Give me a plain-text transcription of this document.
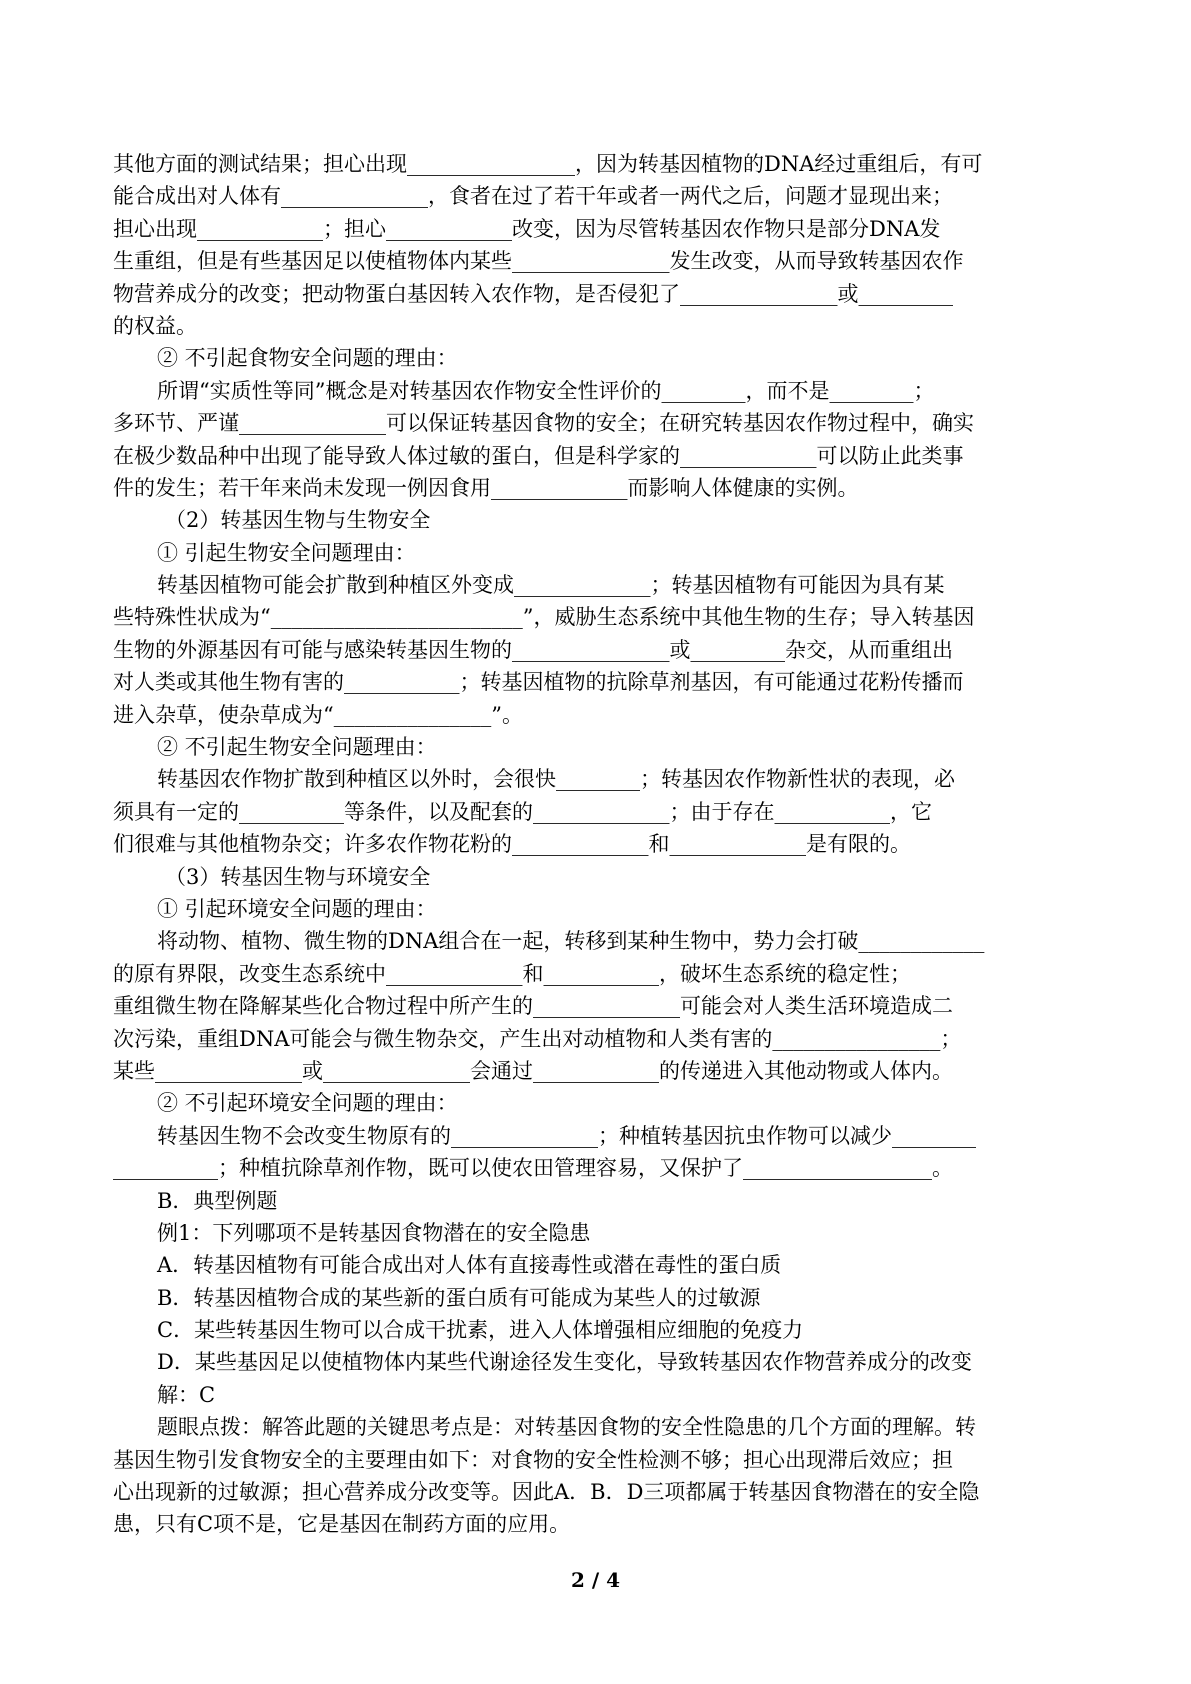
其他方面的测试结果；担心出现________________，因为转基因植物的DNA经过重组后，有可
能合成出对人体有______________，食者在过了若干年或者一两代之后，问题才显现出来；
担心出现____________；担心____________改变，因为尽管转基因农作物只是部分DNA发
生重组，但是有些基因足以使植物体内某些_______________发生改变，从而导致转基因农作
物营养成分的改变；把动物蛋白基因转入农作物，是否侵犯了_______________或_________
的权益。
② 不引起食物安全问题的理由：
所谓“实质性等同”概念是对转基因农作物安全性评价的________，而不是________；
多环节、严谨______________可以保证转基因食物的安全；在研究转基因农作物过程中，确实
在极少数品种中出现了能导致人体过敏的蛋白，但是科学家的_____________可以防止此类事
件的发生；若干年来尚未发现一例因食用_____________而影响人体健康的实例。
（2）转基因生物与生物安全
① 引起生物安全问题理由：
转基因植物可能会扩散到种植区外变成_____________；转基因植物有可能因为具有某
些特殊性状成为“________________________”，威胁生态系统中其他生物的生存；导入转基因
生物的外源基因有可能与感染转基因生物的_______________或_________杂交，从而重组出
对人类或其他生物有害的___________；转基因植物的抗除草剂基因，有可能通过花粉传播而
进入杂草，使杂草成为“_______________”。
② 不引起生物安全问题理由：
转基因农作物扩散到种植区以外时，会很快________；转基因农作物新性状的表现，必
须具有一定的__________等条件，以及配套的_____________；由于存在___________，它
们很难与其他植物杂交；许多农作物花粉的_____________和_____________是有限的。
（3）转基因生物与环境安全
① 引起环境安全问题的理由：
将动物、植物、微生物的DNA组合在一起，转移到某种生物中，势力会打破____________
的原有界限，改变生态系统中_____________和___________，破坏生态系统的稳定性；
重组微生物在降解某些化合物过程中所产生的______________可能会对人类生活环境造成二
次污染，重组DNA可能会与微生物杂交，产生出对动植物和人类有害的________________；
某些______________或______________会通过____________的传递进入其他动物或人体内。
② 不引起环境安全问题的理由：
转基因生物不会改变生物原有的______________；种植转基因抗虫作物可以减少________
__________；种植抗除草剂作物，既可以使农田管理容易，又保护了__________________。
B．典型例题
例1：下列哪项不是转基因食物潜在的安全隐患
A．转基因植物有可能合成出对人体有直接毒性或潜在毒性的蛋白质
B．转基因植物合成的某些新的蛋白质有可能成为某些人的过敏源
C．某些转基因生物可以合成干扰素，进入人体增强相应细胞的免疫力
D．某些基因足以使植物体内某些代谢途径发生变化，导致转基因农作物营养成分的改变
解：C
题眼点拨：解答此题的关键思考点是：对转基因食物的安全性隐患的几个方面的理解。转
基因生物引发食物安全的主要理由如下：对食物的安全性检测不够；担心出现滞后效应；担
心出现新的过敏源；担心营养成分改变等。因此A．B．D三项都属于转基因食物潜在的安全隐
患，只有C项不是，它是基因在制药方面的应用。
2 / 4
